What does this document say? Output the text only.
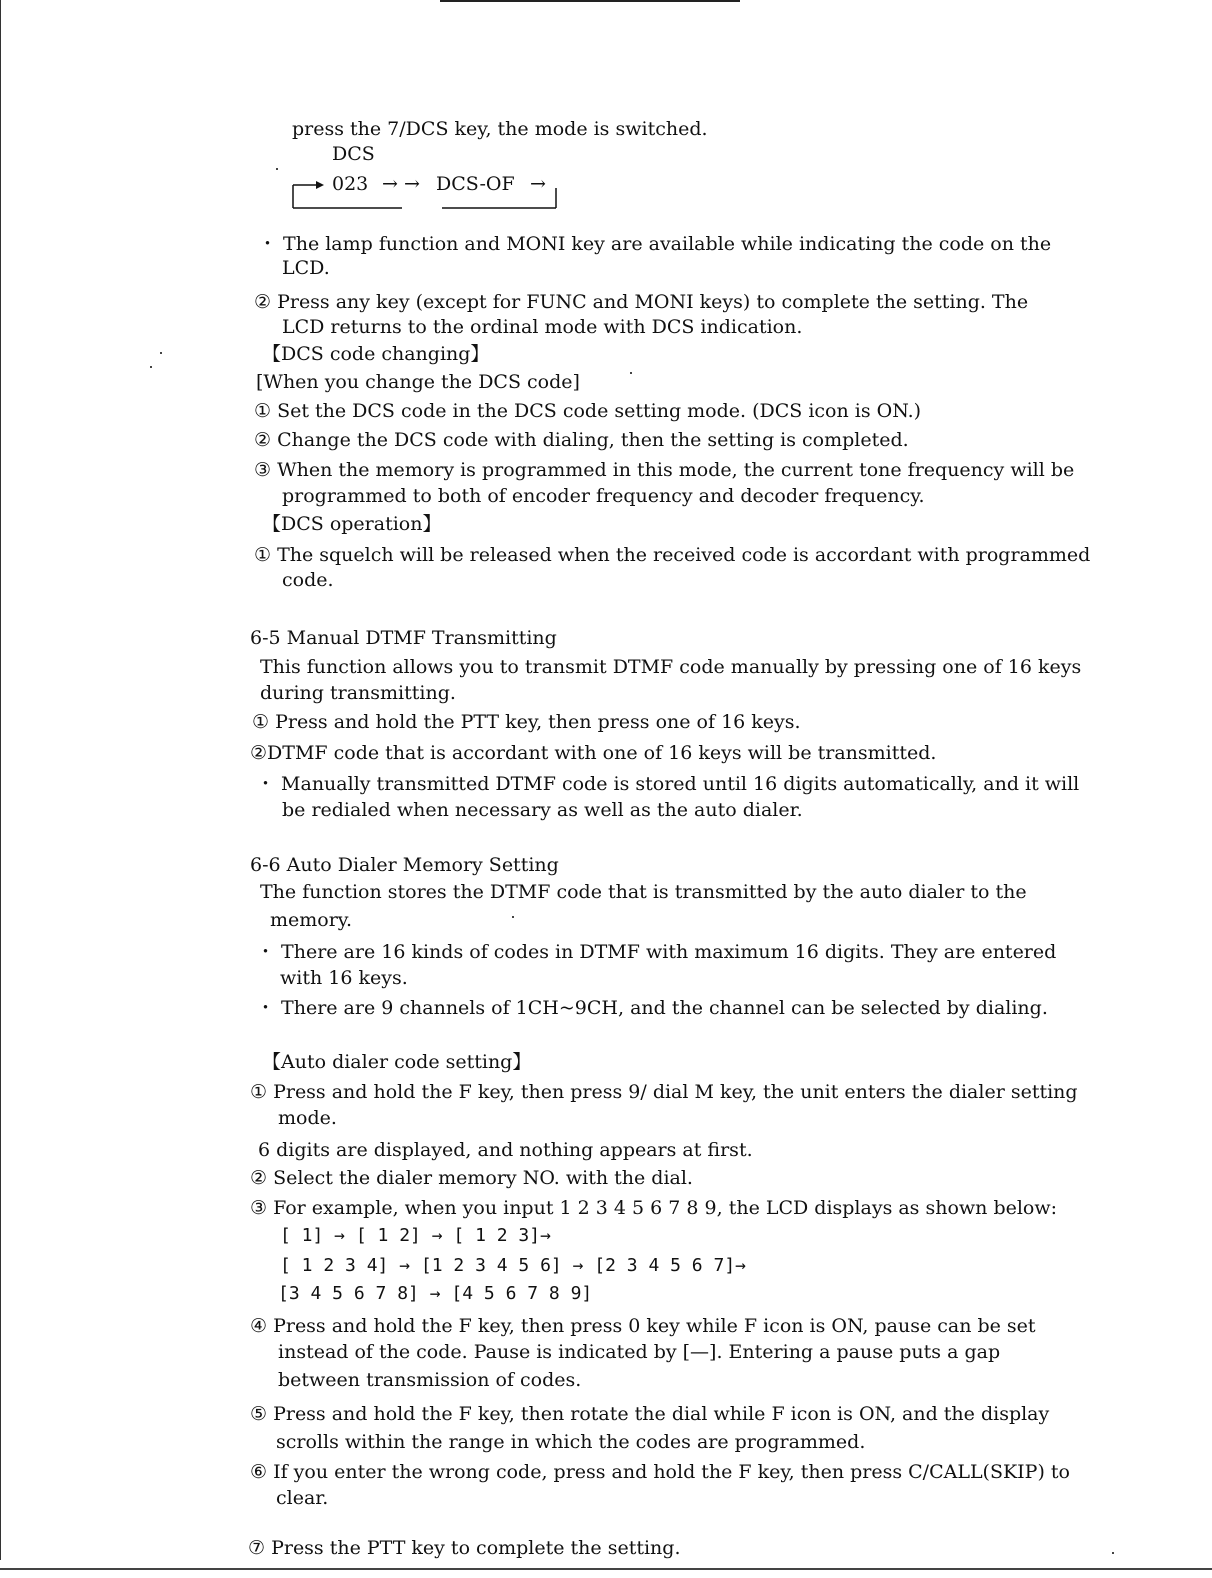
press the 7/DCS key, the mode is switched.
DCS
023 → → DCS-OF →
・ The lamp function and MONI key are available while indicating the code on the
LCD.
② Press any key (except for FUNC and MONI keys) to complete the setting. The
LCD returns to the ordinal mode with DCS indication.
【DCS code changing】
[When you change the DCS code]
① Set the DCS code in the DCS code setting mode. (DCS icon is ON.)
② Change the DCS code with dialing, then the setting is completed.
③ When the memory is programmed in this mode, the current tone frequency will be
programmed to both of encoder frequency and decoder frequency.
【DCS operation】
① The squelch will be released when the received code is accordant with programmed
code.
6-5 Manual DTMF Transmitting
This function allows you to transmit DTMF code manually by pressing one of 16 keys
during transmitting.
① Press and hold the PTT key, then press one of 16 keys.
②DTMF code that is accordant with one of 16 keys will be transmitted.
・ Manually transmitted DTMF code is stored until 16 digits automatically, and it will
be redialed when necessary as well as the auto dialer.
6-6 Auto Dialer Memory Setting
The function stores the DTMF code that is transmitted by the auto dialer to the
memory.
・ There are 16 kinds of codes in DTMF with maximum 16 digits. They are entered
with 16 keys.
・ There are 9 channels of 1CH~9CH, and the channel can be selected by dialing.
【Auto dialer code setting】
① Press and hold the F key, then press 9/ dial M key, the unit enters the dialer setting
mode.
6 digits are displayed, and nothing appears at first.
② Select the dialer memory NO. with the dial.
③ For example, when you input 1 2 3 4 5 6 7 8 9, the LCD displays as shown below:
[ 1] → [ 1 2] → [ 1 2 3]→
[ 1 2 3 4] → [1 2 3 4 5 6] → [2 3 4 5 6 7]→
[3 4 5 6 7 8] → [4 5 6 7 8 9]
④ Press and hold the F key, then press 0 key while F icon is ON, pause can be set
instead of the code. Pause is indicated by [—]. Entering a pause puts a gap
between transmission of codes.
⑤ Press and hold the F key, then rotate the dial while F icon is ON, and the display
scrolls within the range in which the codes are programmed.
⑥ If you enter the wrong code, press and hold the F key, then press C/CALL(SKIP) to
clear.
⑦ Press the PTT key to complete the setting.
